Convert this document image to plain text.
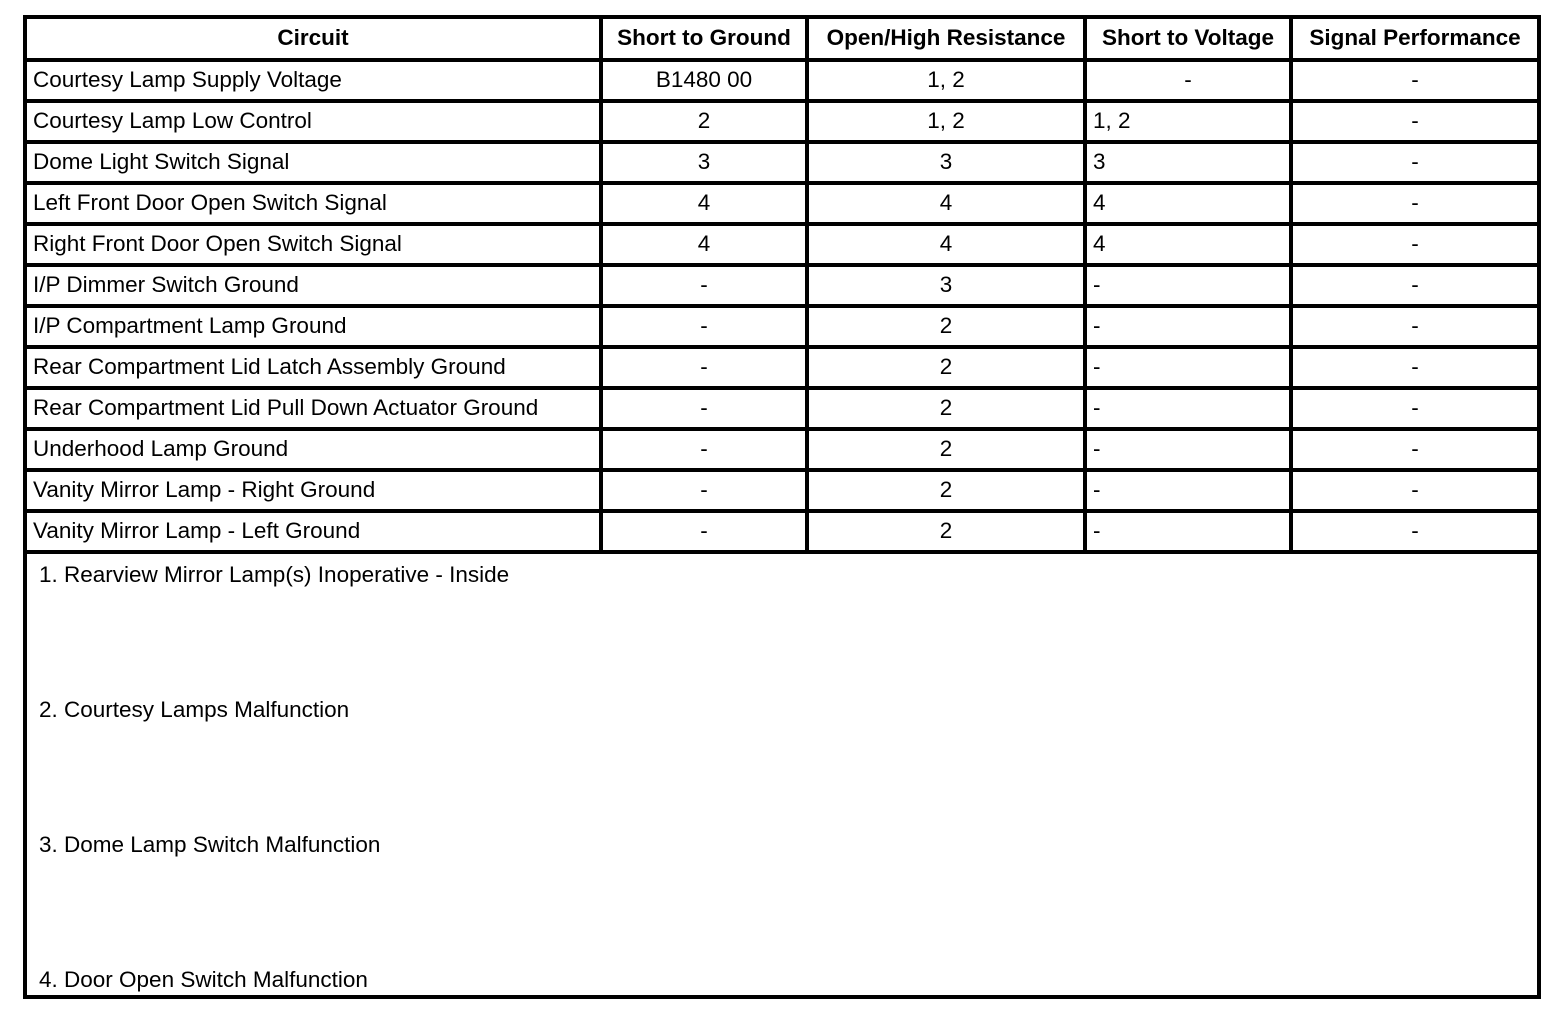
Circuit	Short to Ground	Open/High Resistance	Short to Voltage	Signal Performance
Courtesy Lamp Supply Voltage	B1480 00	1, 2	-	-
Courtesy Lamp Low Control	2	1, 2	1, 2	-
Dome Light Switch Signal	3	3	3	-
Left Front Door Open Switch Signal	4	4	4	-
Right Front Door Open Switch Signal	4	4	4	-
I/P Dimmer Switch Ground	-	3	-	-
I/P Compartment Lamp Ground	-	2	-	-
Rear Compartment Lid Latch Assembly Ground	-	2	-	-
Rear Compartment Lid Pull Down Actuator Ground	-	2	-	-
Underhood Lamp Ground	-	2	-	-
Vanity Mirror Lamp - Right Ground	-	2	-	-
Vanity Mirror Lamp - Left Ground	-	2	-	-

1. Rearview Mirror Lamp(s) Inoperative - Inside
2. Courtesy Lamps Malfunction
3. Dome Lamp Switch Malfunction
4. Door Open Switch Malfunction				
